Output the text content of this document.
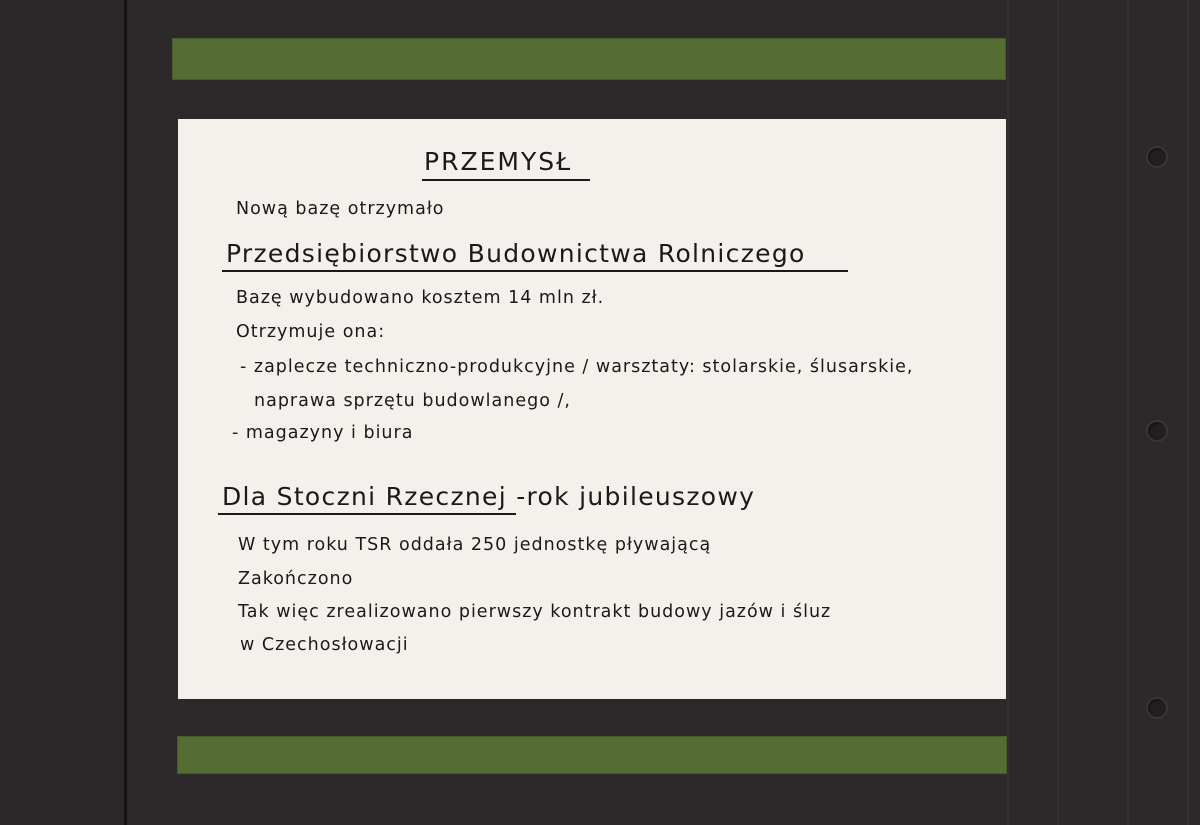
PRZEMYSŁ
Nową bazę otrzymało
Przedsiębiorstwo Budownictwa Rolniczego
Bazę wybudowano kosztem 14 mln zł.
Otrzymuje ona:
- zaplecze techniczno-produkcyjne / warsztaty: stolarskie, ślusarskie,
naprawa sprzętu budowlanego /,
- magazyny i biura
Dla Stoczni Rzecznej -rok jubileuszowy
W tym roku TSR oddała 250 jednostkę pływającą
Zakończono
Tak więc zrealizowano pierwszy kontrakt budowy jazów i śluz
w Czechosłowacji
